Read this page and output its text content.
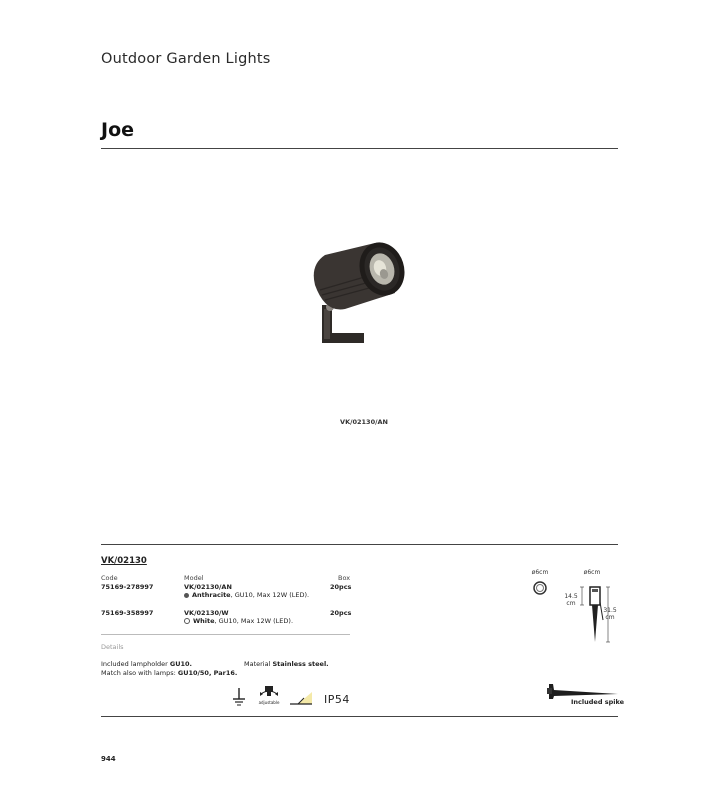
Outdoor Garden Lights
Joe
VK/02130/AN
VK/02130
Code	Model	Box
75169-278997	VK/02130/AN	20pcs
Anthracite, GU10, Max 12W (LED).
75169-358997	VK/02130/W	20pcs
White, GU10, Max 12W (LED).
Details
Included lampholder GU10.	Material Stainless steel.
Match also with lamps: GU10/50, Par16.
adjustable	IP54
ø6cm	ø6cm
14.5
cm
31.5
cm
Included spike
944
